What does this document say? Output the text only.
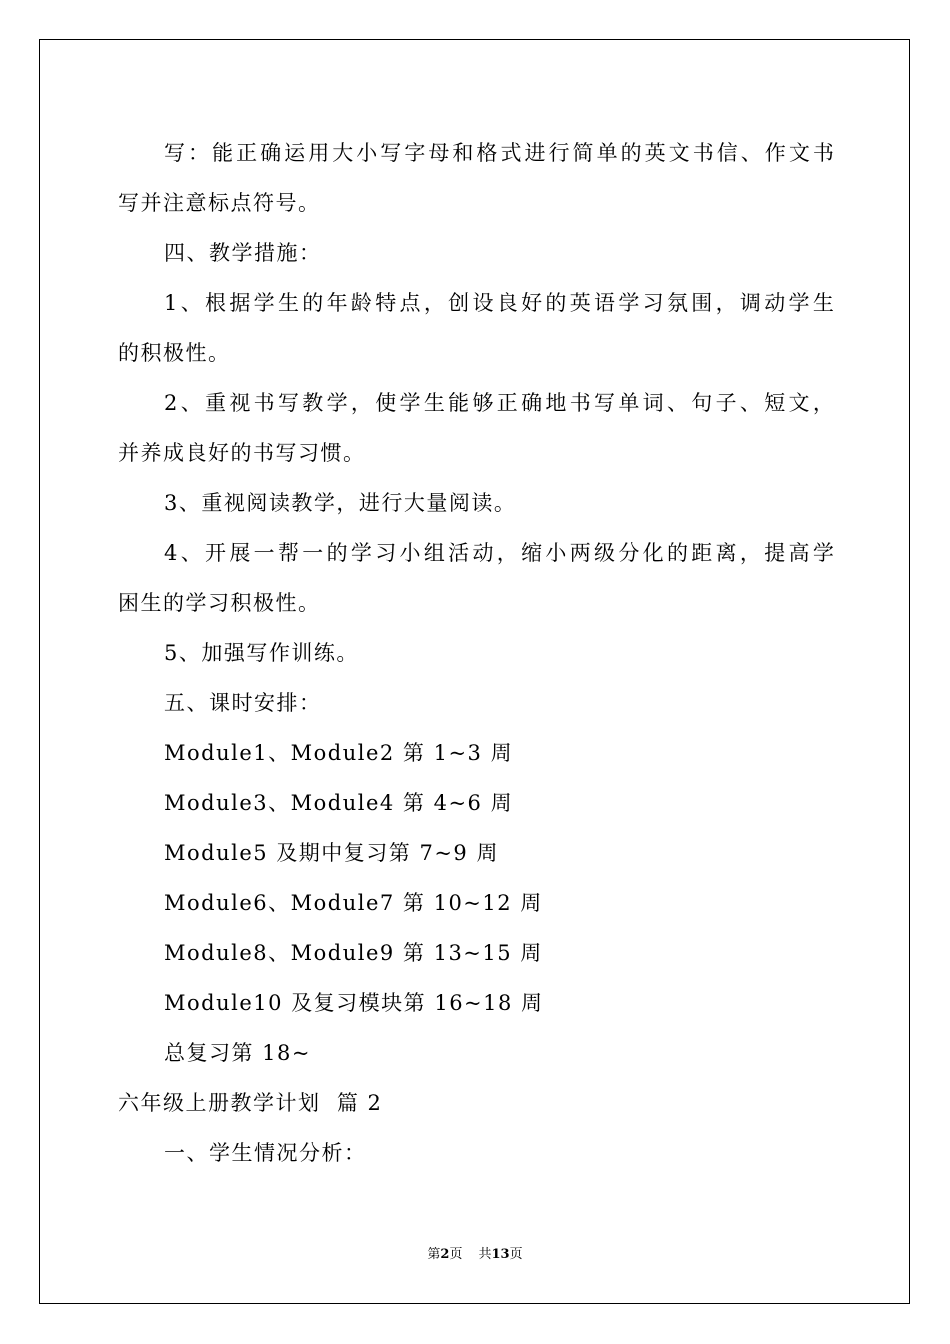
写 ： 能 正 确 运 用 大 小 写 字 母 和 格 式 进 行 简 单 的 英 文 书 信 、 作 文 书
写并注意标点符号。
四、教学措施：
1 、 根 据 学 生 的 年 龄 特 点 ， 创 设 良 好 的 英 语 学 习 氛 围 ， 调 动 学 生
的积极性。
2 、 重 视 书 写 教 学 ， 使 学 生 能 够 正 确 地 书 写 单 词 、 句 子 、 短 文 ，
并养成良好的书写习惯。
3、重视阅读教学，进行大量阅读。
4 、 开 展 一 帮 一 的 学 习 小 组 活 动 ， 缩 小 两 级 分 化 的 距 离 ， 提 高 学
困生的学习积极性。
5、加强写作训练。
五、课时安排：
Module1、Module2 第 1~3 周
Module3、Module4 第 4~6 周
Module5 及期中复习第 7~9 周
Module6、Module7 第 10~12 周
Module8、Module9 第 13~15 周
Module10 及复习模块第 16~18 周
总复习第 18~
六年级上册教学计划  篇 2
一、学生情况分析：
第2页 共13页
